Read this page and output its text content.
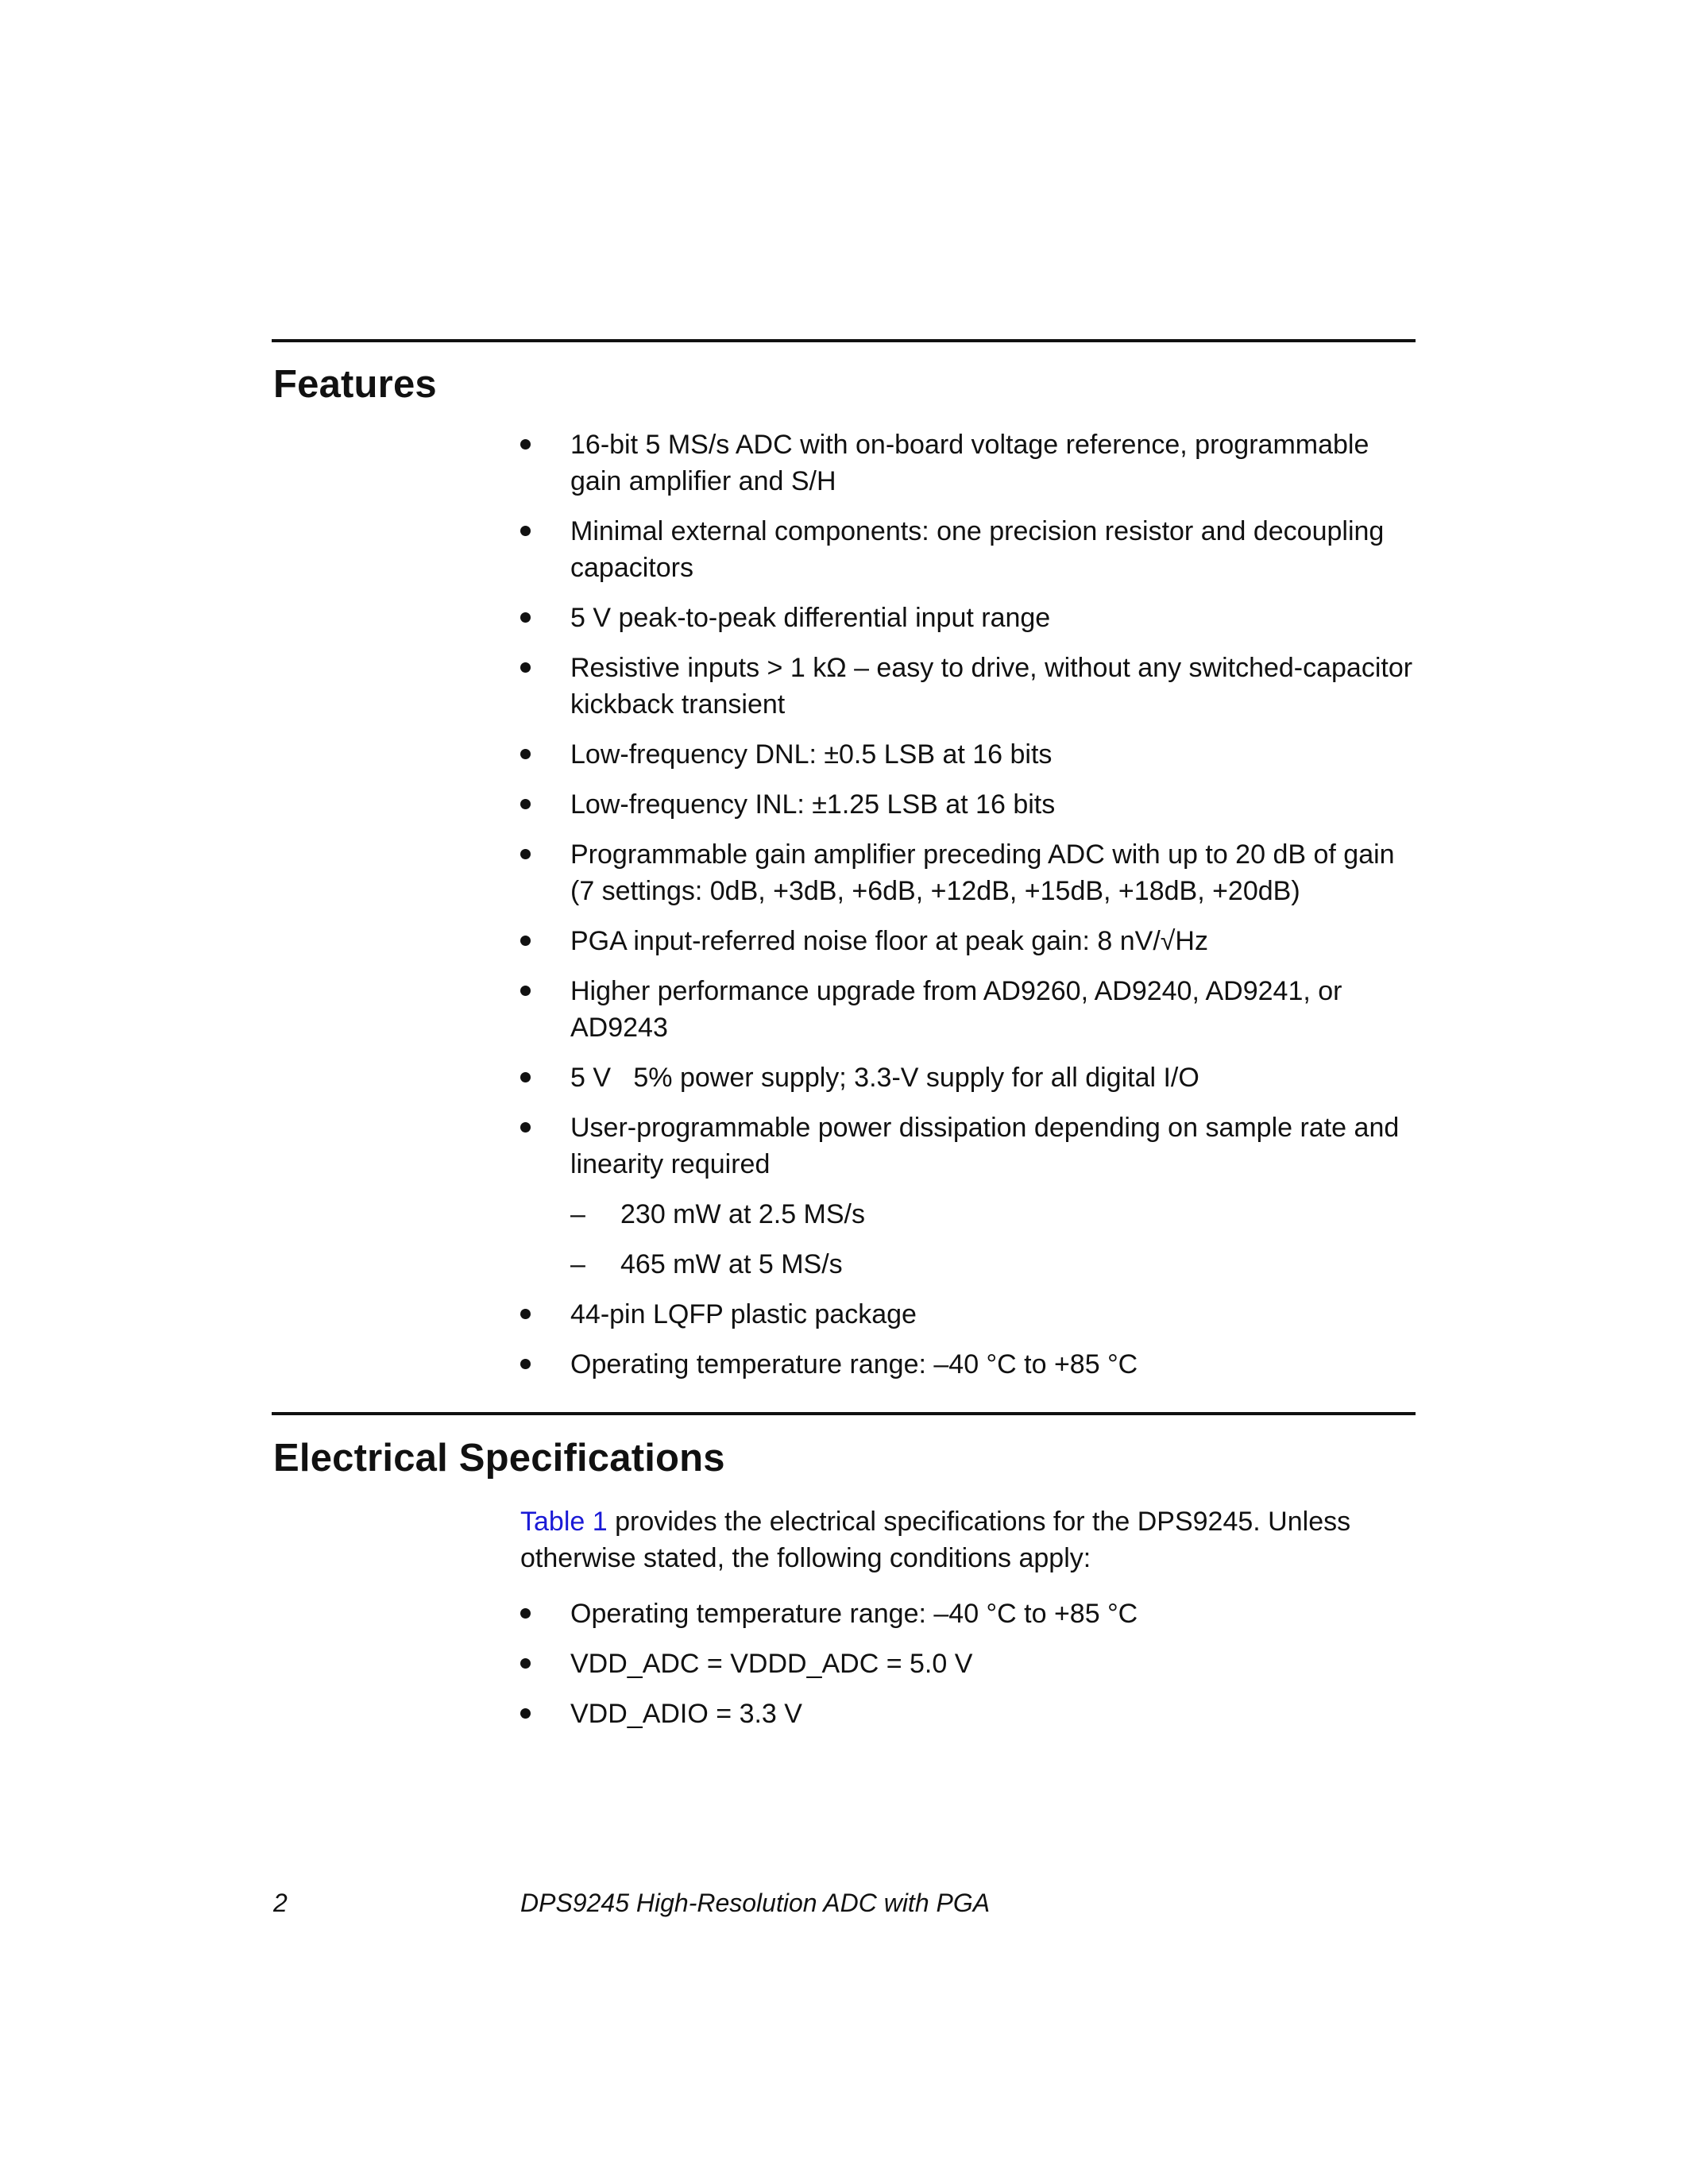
Features
16-bit 5 MS/s ADC with on-board voltage reference, programmable gain amplifier and S/H
Minimal external components: one precision resistor and decoupling capacitors
5 V peak-to-peak differential input range
Resistive inputs > 1 kΩ – easy to drive, without any switched-capacitor kickback transient
Low-frequency DNL: ±0.5 LSB at 16 bits
Low-frequency INL: ±1.25 LSB at 16 bits
Programmable gain amplifier preceding ADC with up to 20 dB of gain (7 settings: 0dB, +3dB, +6dB, +12dB, +15dB, +18dB, +20dB)
PGA input-referred noise floor at peak gain: 8 nV/√Hz
Higher performance upgrade from AD9260, AD9240, AD9241, or AD9243
5 V   5% power supply; 3.3-V supply for all digital I/O
User-programmable power dissipation depending on sample rate and linearity required
– 230 mW at 2.5 MS/s
– 465 mW at 5 MS/s
44-pin LQFP plastic package
Operating temperature range: –40 °C to +85 °C
Electrical Specifications

Table 1 provides the electrical specifications for the DPS9245. Unless otherwise stated, the following conditions apply:

Operating temperature range: –40 °C to +85 °C
VDD_ADC = VDDD_ADC = 5.0 V
VDD_ADIO = 3.3 V
2	DPS9245 High-Resolution ADC with PGA
